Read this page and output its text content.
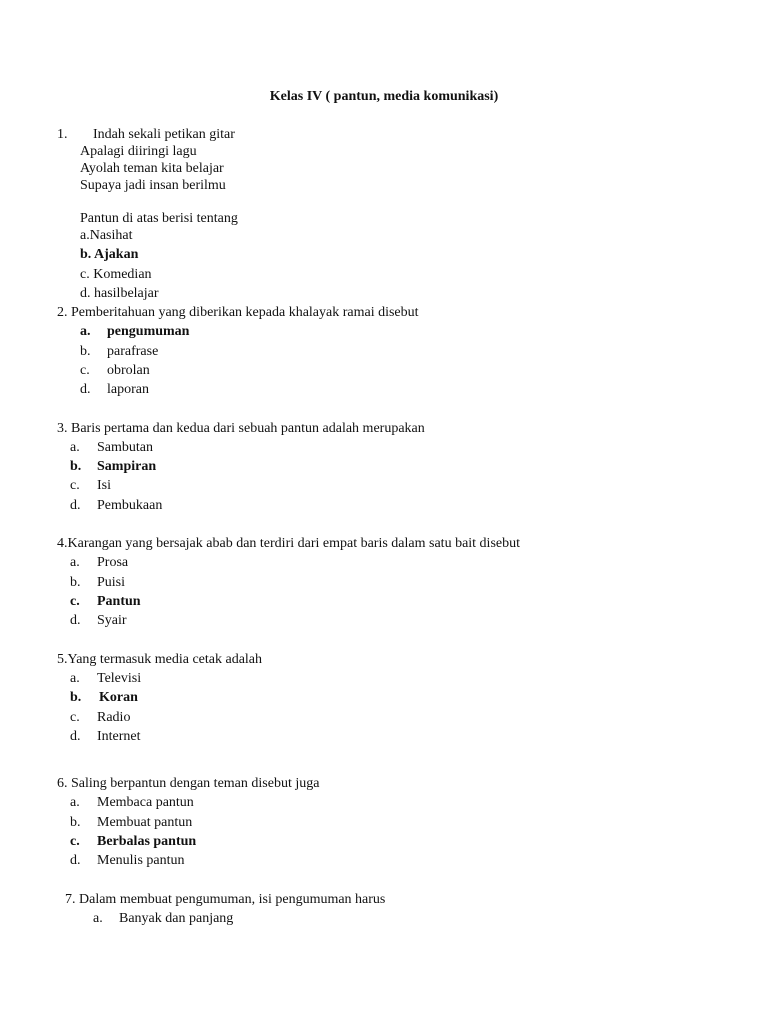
Kelas IV ( pantun, media komunikasi)
1. Indah sekali petikan gitar
Apalagi diiringi lagu
Ayolah teman kita belajar
Supaya jadi insan berilmu
Pantun di atas berisi tentang
a.Nasihat
b. Ajakan
c. Komedian
d. hasilbelajar
2. Pemberitahuan yang diberikan kepada khalayak ramai disebut
a. pengumuman
b. parafrase
c. obrolan
d. laporan
3. Baris pertama dan kedua dari sebuah pantun adalah merupakan
a. Sambutan
b. Sampiran
c. Isi
d. Pembukaan
4.Karangan yang bersajak abab dan terdiri dari empat baris dalam satu bait disebut
a. Prosa
b. Puisi
c. Pantun
d. Syair
5.Yang termasuk media cetak adalah
a. Televisi
b. Koran
c. Radio
d. Internet
6. Saling berpantun dengan teman disebut juga
a. Membaca pantun
b. Membuat pantun
c. Berbalas pantun
d. Menulis pantun
7. Dalam membuat pengumuman, isi pengumuman harus
a. Banyak dan panjang
